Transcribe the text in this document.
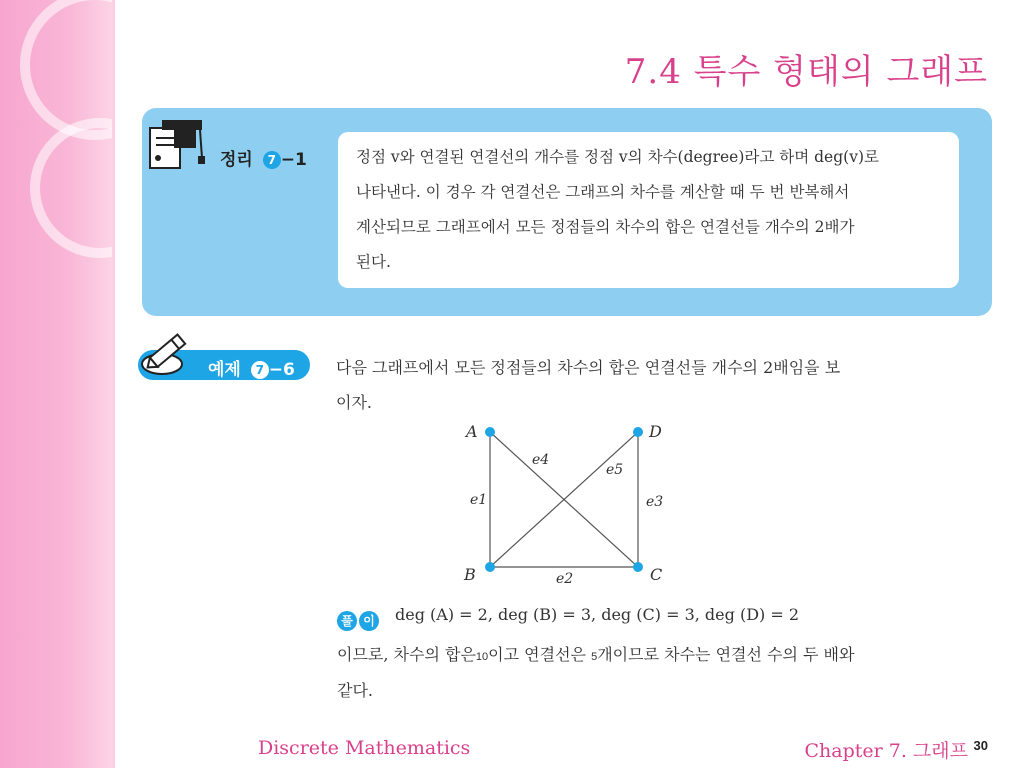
7.4 특수 형태의 그래프
정리 7 −1	정점 v와 연결된 연결선의 개수를 정점 v의 차수(degree)라고 하며 deg(v)로
나타낸다. 이 경우 각 연결선은 그래프의 차수를 계산할 때 두 번 반복해서
계산되므로 그래프에서 모든 정점들의 차수의 합은 연결선들 개수의 2배가
된다.
예제 7 −6	다음 그래프에서 모든 정점들의 차수의 합은 연결선들 개수의 2배임을 보
이자.
A
B	C
D
e1
e2
e3
e4
e5
풀 이	deg (A) = 2, deg (B) = 3, deg (C) = 3, deg (D) = 2
이므로, 차수의 합은10이고 연결선은 5개이므로 차수는 연결선 수의 두 배와
같다.
Discrete Mathematics	Chapter 7. 그래프 30
